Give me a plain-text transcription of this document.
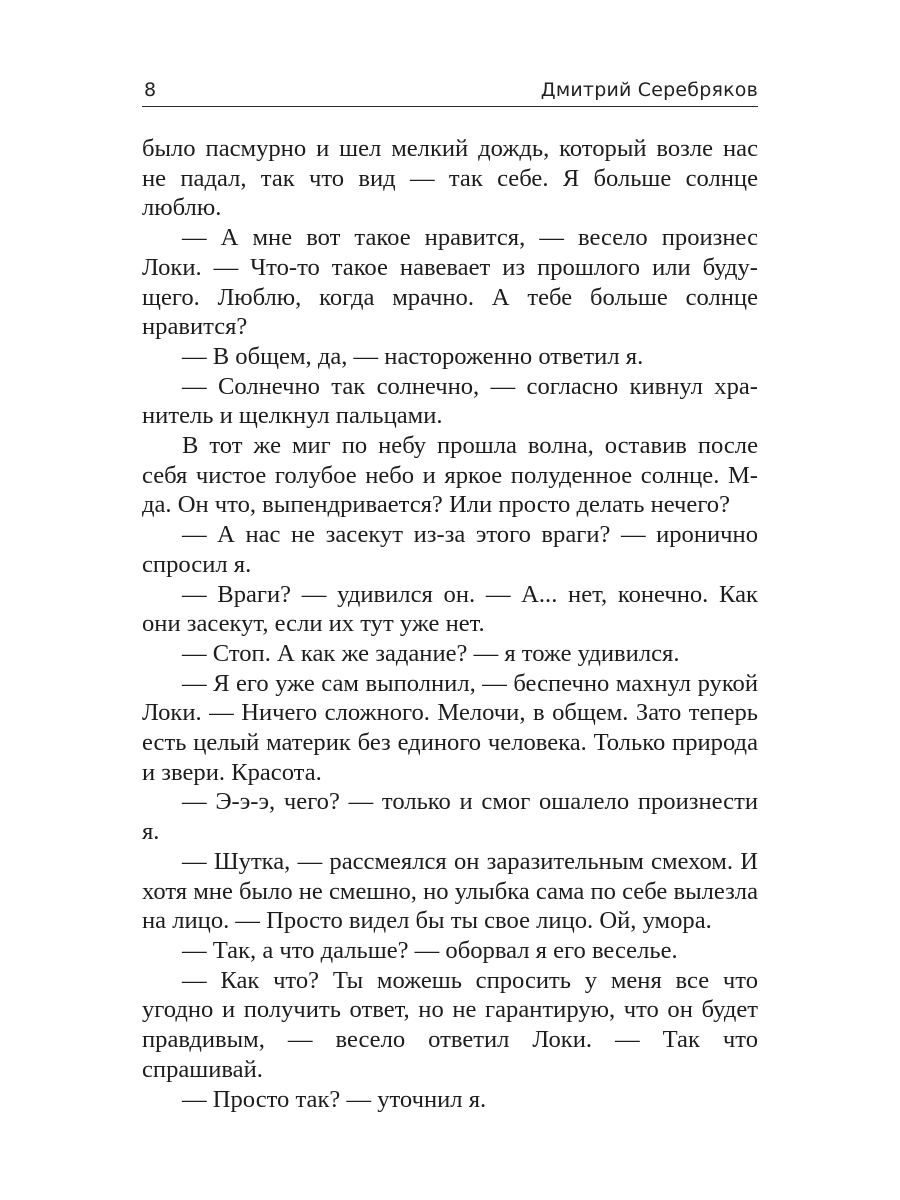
8	Дмитрий Серебряков

было пасмурно и шел мелкий дождь, который возле нас не падал, так что вид — так себе. Я больше солнце люблю.

— А мне вот такое нравится, — весело произнес Локи. — Что-то такое навевает из прошлого или будущего. Люблю, когда мрачно. А тебе больше солнце нравится?

— В общем, да, — настороженно ответил я.

— Солнечно так солнечно, — согласно кивнул хранитель и щелкнул пальцами.

В тот же миг по небу прошла волна, оставив после себя чистое голубое небо и яркое полуденное солнце. М-да. Он что, выпендривается? Или просто делать нечего?

— А нас не засекут из-за этого враги? — иронично спросил я.

— Враги? — удивился он. — А... нет, конечно. Как они засекут, если их тут уже нет.

— Стоп. А как же задание? — я тоже удивился.

— Я его уже сам выполнил, — беспечно махнул рукой Локи. — Ничего сложного. Мелочи, в общем. Зато теперь есть целый материк без единого человека. Только природа и звери. Красота.

— Э-э-э, чего? — только и смог ошалело произнести я.

— Шутка, — рассмеялся он заразительным смехом. И хотя мне было не смешно, но улыбка сама по себе вылезла на лицо. — Просто видел бы ты свое лицо. Ой, умора.

— Так, а что дальше? — оборвал я его веселье.

— Как что? Ты можешь спросить у меня все что угодно и получить ответ, но не гарантирую, что он будет правдивым, — весело ответил Локи. — Так что спрашивай.

— Просто так? — уточнил я.
